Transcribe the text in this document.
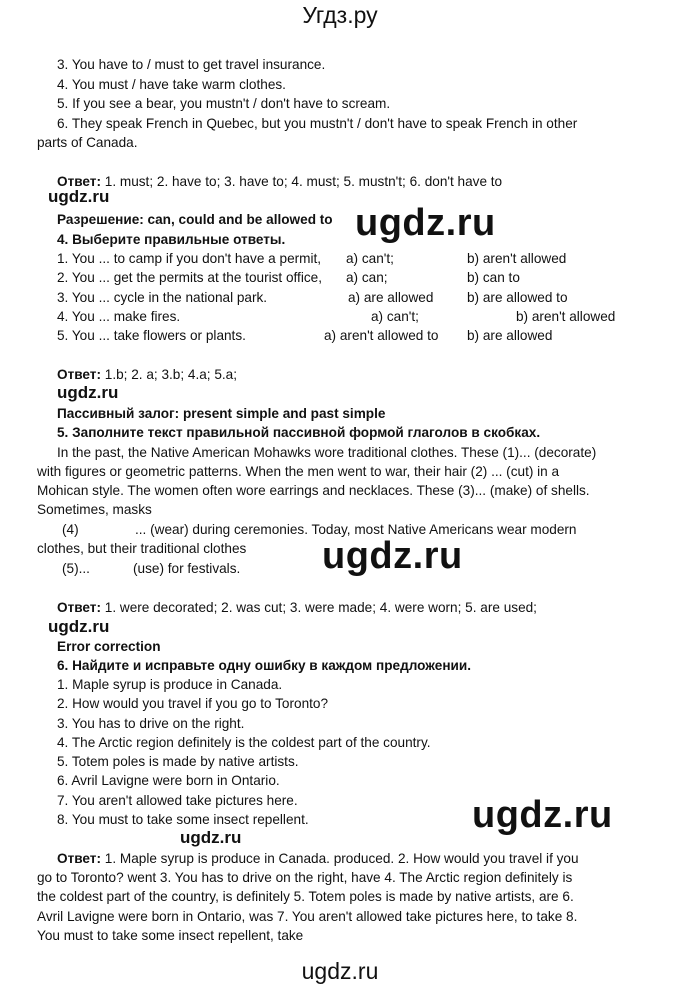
Угдз.ру
3. You have to / must to get travel insurance.
4. You must / have take warm clothes.
5. If you see a bear, you mustn't / don't have to scream.
6. They speak French in Quebec, but you mustn't / don't have to speak French in other
parts of Canada.
Ответ: 1. must; 2. have to; 3. have to; 4. must; 5. mustn't; 6. don't have to
ugdz.ru
Разрешение: can, could and be allowed to ugdz.ru
4. Выберите правильные ответы.
1. You ... to camp if you don't have a permit, a) can't;	b) aren't allowed
2. You ... get the permits at the tourist office, a) can;	b) can to
3. You ... cycle in the national park.	a) are allowed b) are allowed to
4. You ... make fires.	a) can't;	b) aren't allowed
5. You ... take flowers or plants.	a) aren't allowed to b) are allowed
Ответ: 1.b; 2. a; 3.b; 4.a; 5.a;
ugdz.ru
Пассивный залог: present simple and past simple
5. Заполните текст правильной пассивной формой глаголов в скобках.
In the past, the Native American Mohawks wore traditional clothes. These (1)... (decorate)
with figures or geometric patterns. When the men went to war, their hair (2) ... (cut) in a
Mohican style. The women often wore earrings and necklaces. These (3)... (make) of shells.
Sometimes, masks
(4)	... (wear) during ceremonies. Today, most Native Americans wear modern
clothes, but their traditional clothes
(5)...	(use) for festivals. ugdz.ru
Ответ: 1. were decorated; 2. was cut; 3. were made; 4. were worn; 5. are used;
ugdz.ru
Error correction
6. Найдите и исправьте одну ошибку в каждом предложении.
1. Maple syrup is produce in Canada.
2. How would you travel if you go to Toronto?
3. You has to drive on the right.
4. The Arctic region definitely is the coldest part of the country.
5. Totem poles is made by native artists.
6. Avril Lavigne were born in Ontario.
7. You aren't allowed take pictures here.
8. You must to take some insect repellent.	ugdz.ru
ugdz.ru
Ответ: 1. Maple syrup is produce in Canada. produced. 2. How would you travel if you
go to Toronto? went 3. You has to drive on the right, have 4. The Arctic region definitely is
the coldest part of the country, is definitely 5. Totem poles is made by native artists, are 6.
Avril Lavigne were born in Ontario, was 7. You aren't allowed take pictures here, to take 8.
You must to take some insect repellent, take
ugdz.ru
